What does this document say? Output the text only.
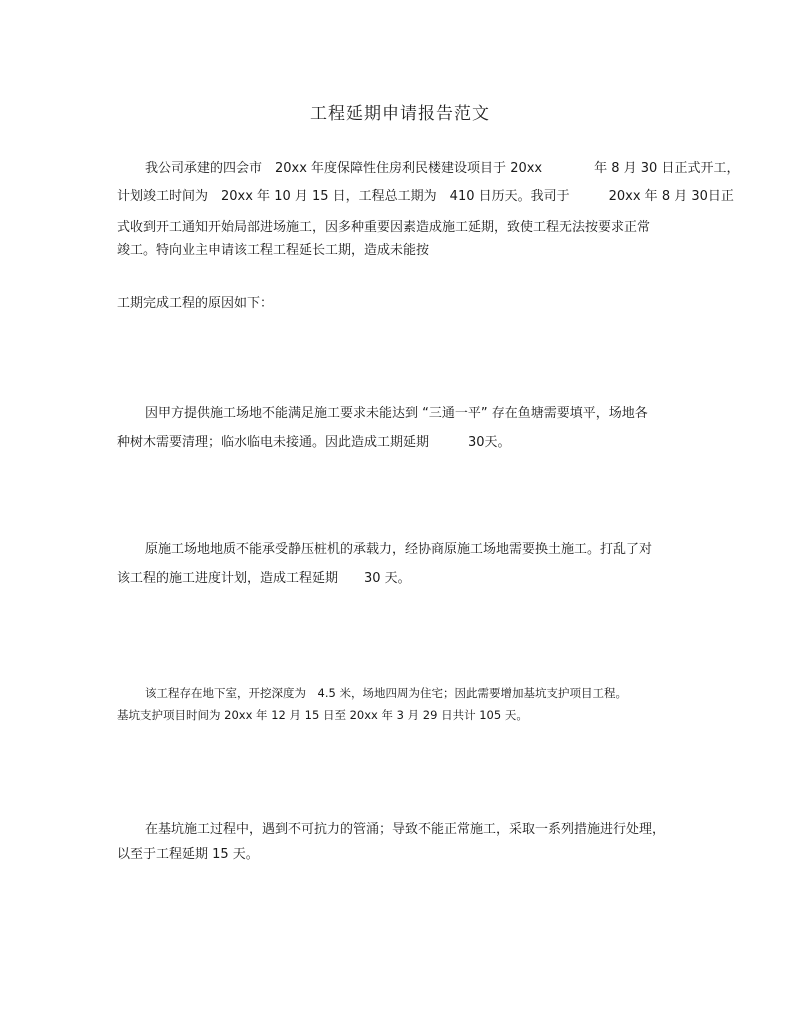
工程延期申请报告范文
我公司承建的四会市　20xx 年度保障性住房利民楼建设项目于 20xx　　　　年 8 月 30 日正式开工，
计划竣工时间为　20xx 年 10 月 15 日，工程总工期为　410 日历天。我司于　　　20xx 年 8 月 30日正
式收到开工通知开始局部进场施工，因多种重要因素造成施工延期，致使工程无法按要求正常
竣工。特向业主申请该工程工程延长工期，造成未能按
工期完成工程的原因如下：
因甲方提供施工场地不能满足施工要求未能达到 “三通一平” 存在鱼塘需要填平，场地各
种树木需要清理；临水临电未接通。因此造成工期延期　　　30天。
原施工场地地质不能承受静压桩机的承载力，经协商原施工场地需要换土施工。打乱了对
该工程的施工进度计划，造成工程延期　　30 天。
该工程存在地下室，开挖深度为　4.5 米，场地四周为住宅；因此需要增加基坑支护项目工程。
基坑支护项目时间为 20xx 年 12 月 15 日至 20xx 年 3 月 29 日共计 105 天。
在基坑施工过程中，遇到不可抗力的管涌；导致不能正常施工，采取一系列措施进行处理，
以至于工程延期 15 天。
